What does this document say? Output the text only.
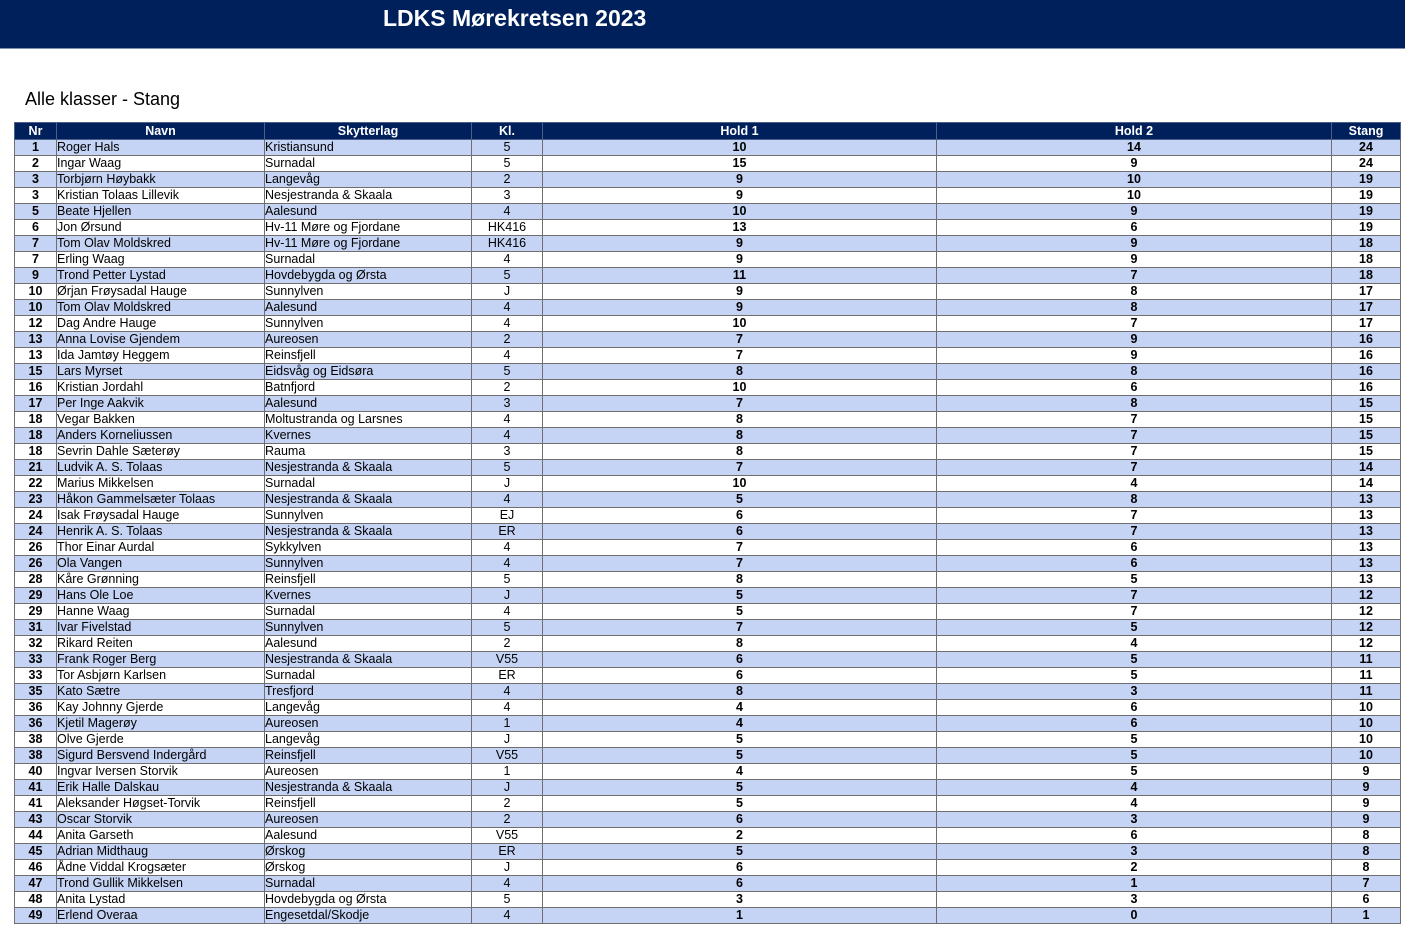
LDKS Mørekretsen 2023
Alle klasser - Stang
Nr	Navn	Skytterlag	Kl.	Hold 1	Hold 2	Stang
1	Roger Hals	Kristiansund	5	10	14	24
2	Ingar Waag	Surnadal	5	15	9	24
3	Torbjørn Høybakk	Langevåg	2	9	10	19
3	Kristian Tolaas Lillevik	Nesjestranda & Skaala	3	9	10	19
5	Beate Hjellen	Aalesund	4	10	9	19
6	Jon Ørsund	Hv-11 Møre og Fjordane	HK416	13	6	19
7	Tom Olav Moldskred	Hv-11 Møre og Fjordane	HK416	9	9	18
7	Erling Waag	Surnadal	4	9	9	18
9	Trond Petter Lystad	Hovdebygda og Ørsta	5	11	7	18
10	Ørjan Frøysadal Hauge	Sunnylven	J	9	8	17
10	Tom Olav Moldskred	Aalesund	4	9	8	17
12	Dag Andre Hauge	Sunnylven	4	10	7	17
13	Anna Lovise Gjendem	Aureosen	2	7	9	16
13	Ida Jamtøy Heggem	Reinsfjell	4	7	9	16
15	Lars Myrset	Eidsvåg og Eidsøra	5	8	8	16
16	Kristian Jordahl	Batnfjord	2	10	6	16
17	Per Inge Aakvik	Aalesund	3	7	8	15
18	Vegar Bakken	Moltustranda og Larsnes	4	8	7	15
18	Anders Korneliussen	Kvernes	4	8	7	15
18	Sevrin Dahle Sæterøy	Rauma	3	8	7	15
21	Ludvik A. S. Tolaas	Nesjestranda & Skaala	5	7	7	14
22	Marius Mikkelsen	Surnadal	J	10	4	14
23	Håkon Gammelsæter Tolaas	Nesjestranda & Skaala	4	5	8	13
24	Isak Frøysadal Hauge	Sunnylven	EJ	6	7	13
24	Henrik A. S. Tolaas	Nesjestranda & Skaala	ER	6	7	13
26	Thor Einar Aurdal	Sykkylven	4	7	6	13
26	Ola Vangen	Sunnylven	4	7	6	13
28	Kåre Grønning	Reinsfjell	5	8	5	13
29	Hans Ole Loe	Kvernes	J	5	7	12
29	Hanne Waag	Surnadal	4	5	7	12
31	Ivar Fivelstad	Sunnylven	5	7	5	12
32	Rikard Reiten	Aalesund	2	8	4	12
33	Frank Roger Berg	Nesjestranda & Skaala	V55	6	5	11
33	Tor Asbjørn Karlsen	Surnadal	ER	6	5	11
35	Kato Sætre	Tresfjord	4	8	3	11
36	Kay Johnny Gjerde	Langevåg	4	4	6	10
36	Kjetil Magerøy	Aureosen	1	4	6	10
38	Olve Gjerde	Langevåg	J	5	5	10
38	Sigurd Bersvend Indergård	Reinsfjell	V55	5	5	10
40	Ingvar Iversen Storvik	Aureosen	1	4	5	9
41	Erik Halle Dalskau	Nesjestranda & Skaala	J	5	4	9
41	Aleksander Høgset-Torvik	Reinsfjell	2	5	4	9
43	Oscar Storvik	Aureosen	2	6	3	9
44	Anita Garseth	Aalesund	V55	2	6	8
45	Adrian Midthaug	Ørskog	ER	5	3	8
46	Ådne Viddal Krogsæter	Ørskog	J	6	2	8
47	Trond Gullik Mikkelsen	Surnadal	4	6	1	7
48	Anita Lystad	Hovdebygda og Ørsta	5	3	3	6
49	Erlend Overaa	Engesetdal/Skodje	4	1	0	1
